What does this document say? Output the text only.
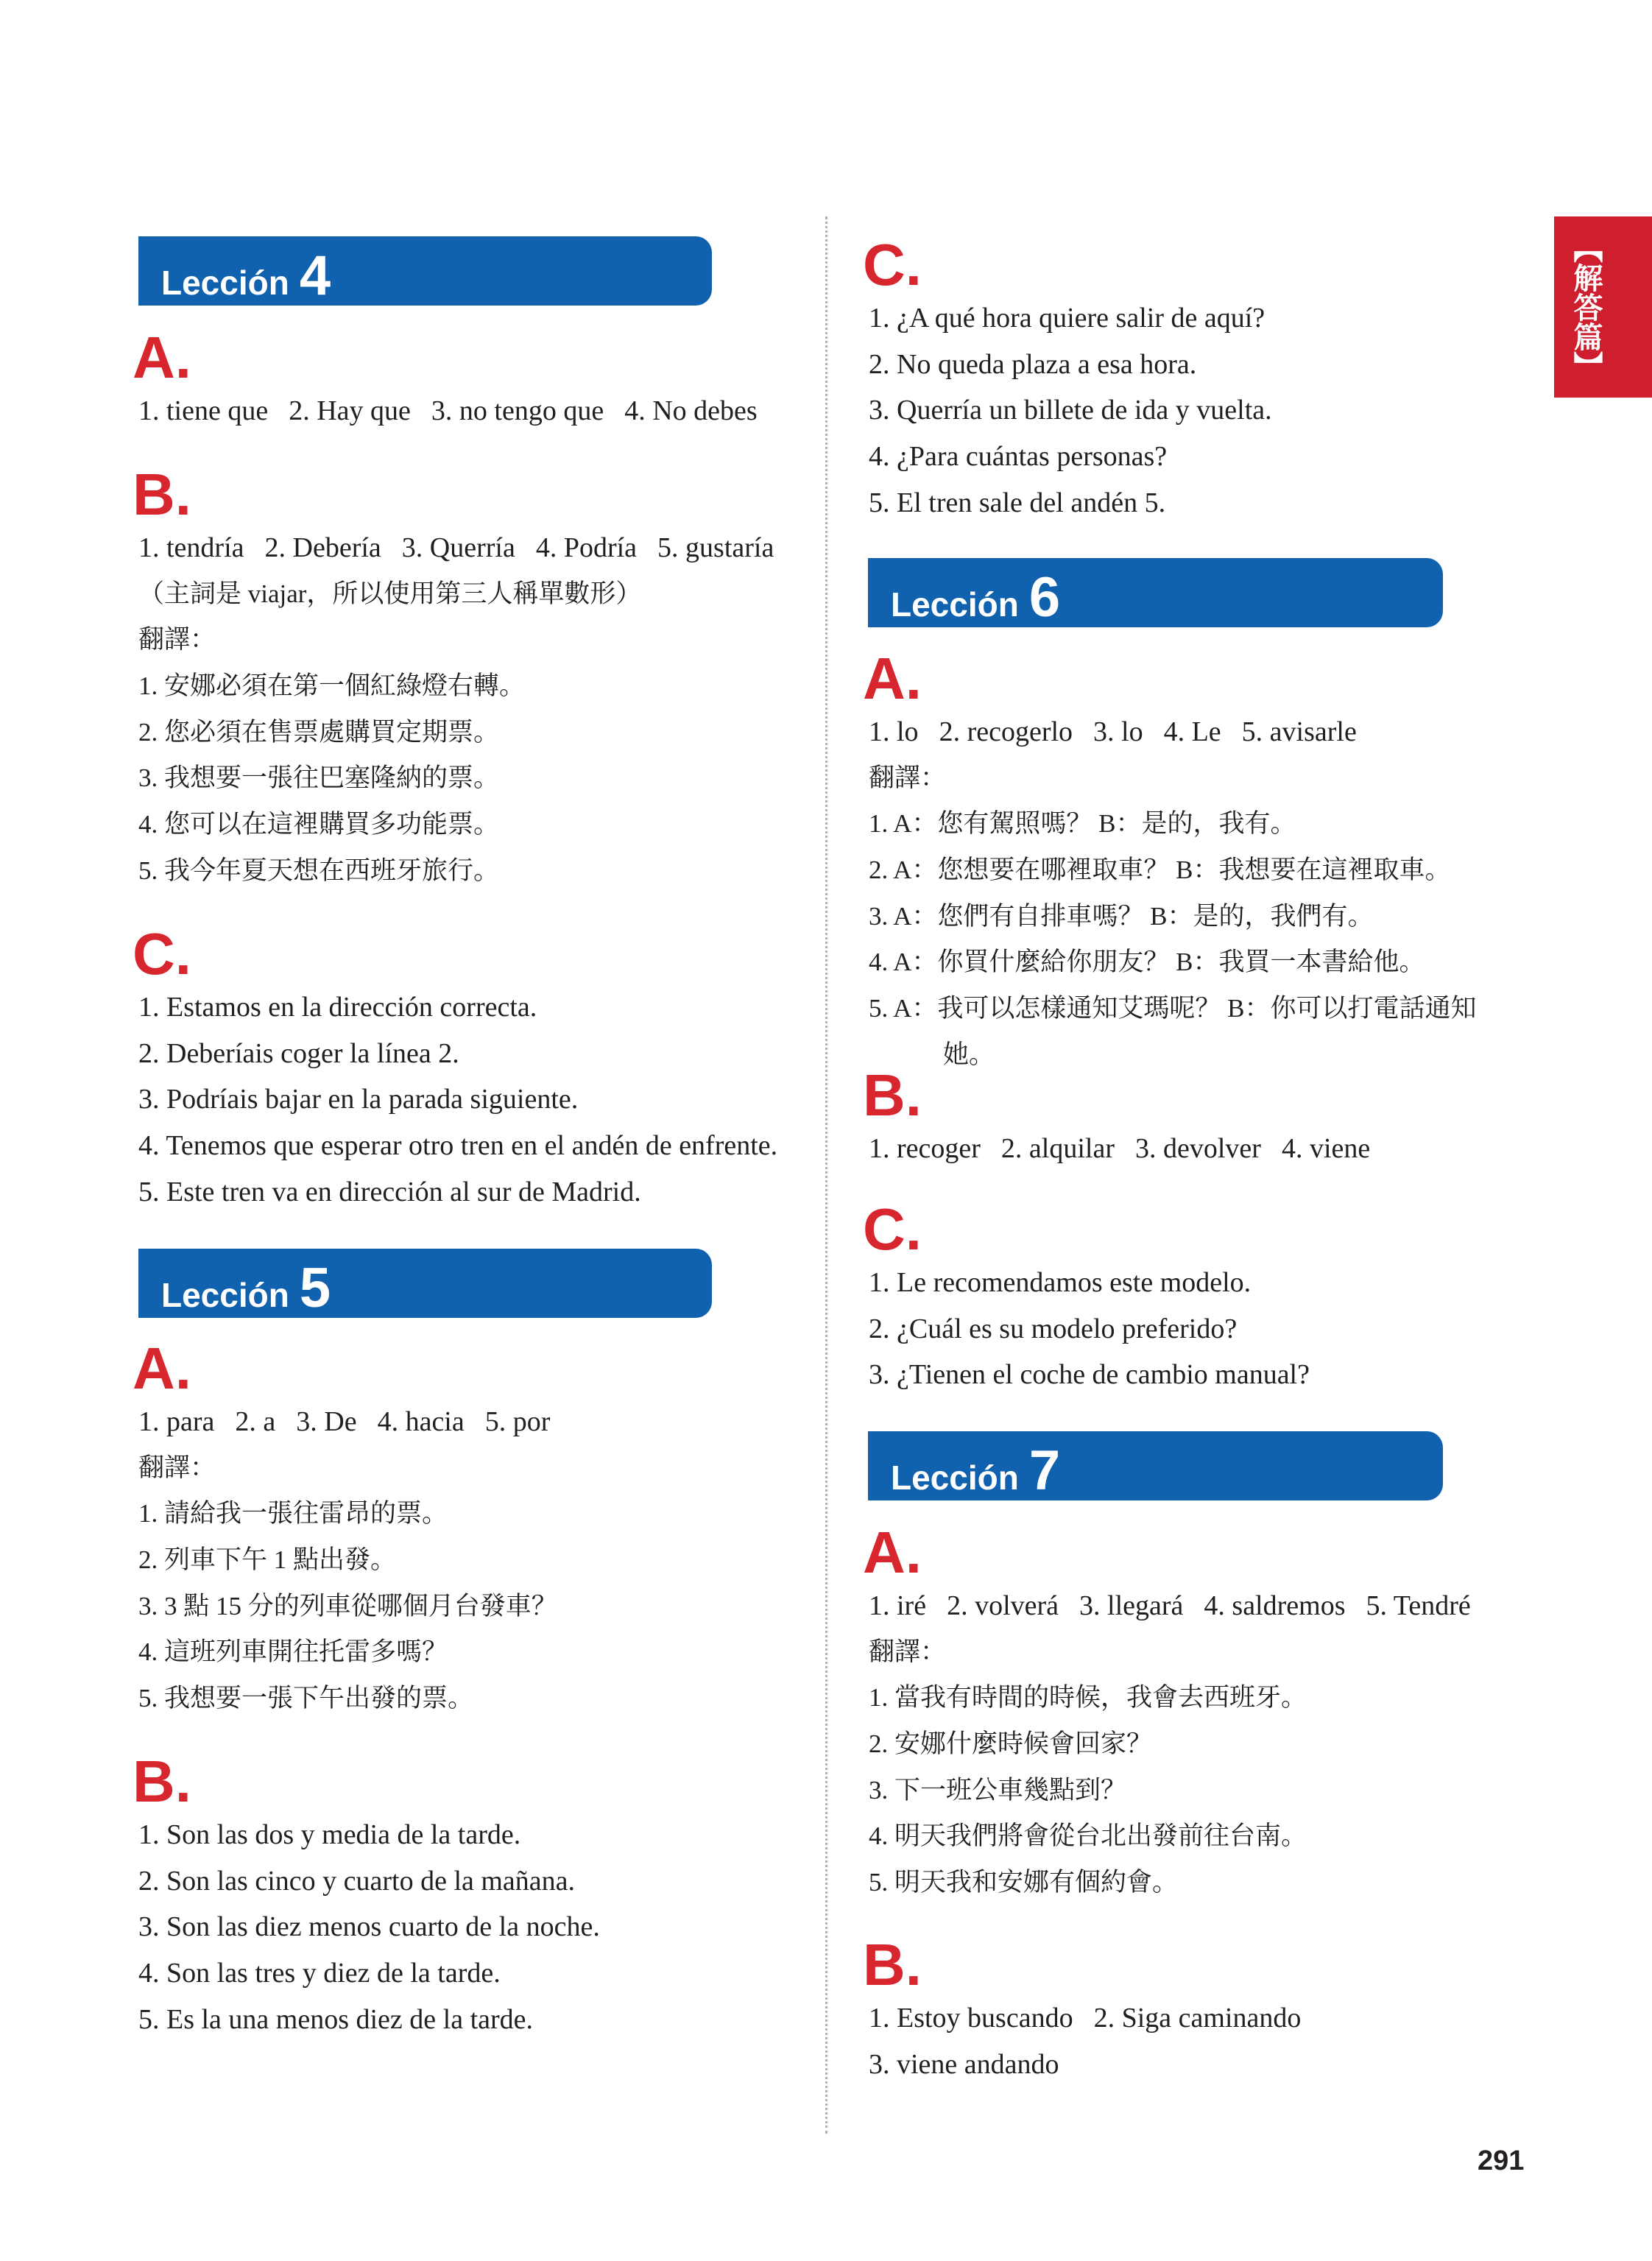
Lección 4
A.
1. tiene que 2. Hay que 3. no tengo que 4. No debes
B.
1. tendría 2. Debería 3. Querría 4. Podría 5. gustaría
（主詞是 viajar，所以使用第三人稱單數形）
翻譯：
1. 安娜必須在第一個紅綠燈右轉。
2. 您必須在售票處購買定期票。
3. 我想要一張往巴塞隆納的票。
4. 您可以在這裡購買多功能票。
5. 我今年夏天想在西班牙旅行。
C.
1. Estamos en la dirección correcta.
2. Deberíais coger la línea 2.
3. Podríais bajar en la parada siguiente.
4. Tenemos que esperar otro tren en el andén de enfrente.
5. Este tren va en dirección al sur de Madrid.
Lección 5
A.
1. para 2. a 3. De 4. hacia 5. por
翻譯：
1. 請給我一張往雷昂的票。
2. 列車下午 1 點出發。
3. 3 點 15 分的列車從哪個月台發車？
4. 這班列車開往托雷多嗎？
5. 我想要一張下午出發的票。
B.
1. Son las dos y media de la tarde.
2. Son las cinco y cuarto de la mañana.
3. Son las diez menos cuarto de la noche.
4. Son las tres y diez de la tarde.
5. Es la una menos diez de la tarde.
C.
1. ¿A qué hora quiere salir de aquí?
2. No queda plaza a esa hora.
3. Querría un billete de ida y vuelta.
4. ¿Para cuántas personas?
5. El tren sale del andén 5.
Lección 6
A.
1. lo 2. recogerlo 3. lo 4. Le 5. avisarle
翻譯：
1. A：您有駕照嗎？ B：是的，我有。
2. A：您想要在哪裡取車？ B：我想要在這裡取車。
3. A：您們有自排車嗎？ B：是的，我們有。
4. A：你買什麼給你朋友？ B：我買一本書給他。
5. A：我可以怎樣通知艾瑪呢？ B：你可以打電話通知
她。
B.
1. recoger 2. alquilar 3. devolver 4. viene
C.
1. Le recomendamos este modelo.
2. ¿Cuál es su modelo preferido?
3. ¿Tienen el coche de cambio manual?
Lección 7
A.
1. iré 2. volverá 3. llegará 4. saldremos 5. Tendré
翻譯：
1. 當我有時間的時候，我會去西班牙。
2. 安娜什麼時候會回家？
3. 下一班公車幾點到？
4. 明天我們將會從台北出發前往台南。
5. 明天我和安娜有個約會。
B.
1. Estoy buscando 2. Siga caminando
3. viene andando
【解答篇】
291
